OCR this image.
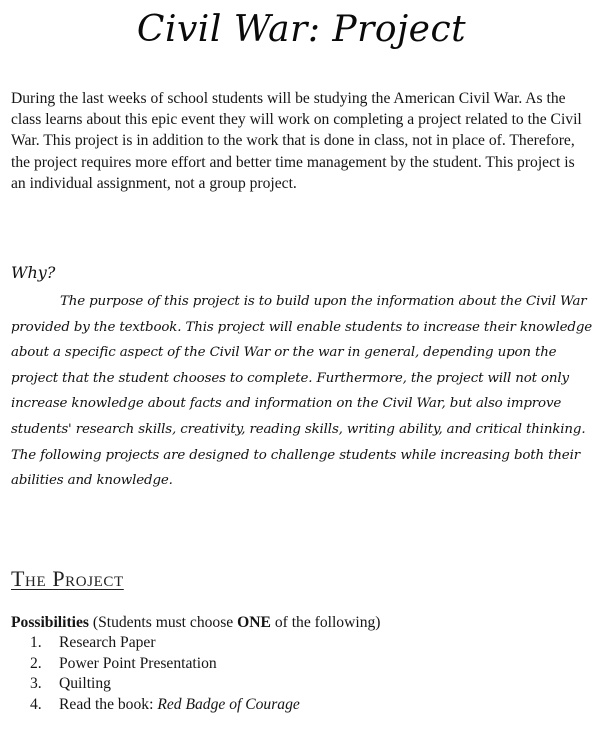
Civil War: Project

During the last weeks of school students will be studying the American Civil War. As the class learns about this epic event they will work on completing a project related to the Civil War. This project is in addition to the work that is done in class, not in place of. Therefore, the project requires more effort and better time management by the student. This project is an individual assignment, not a group project.

Why?

The purpose of this project is to build upon the information about the Civil War provided by the textbook. This project will enable students to increase their knowledge about a specific aspect of the Civil War or the war in general, depending upon the project that the student chooses to complete. Furthermore, the project will not only increase knowledge about facts and information on the Civil War, but also improve students' research skills, creativity, reading skills, writing ability, and critical thinking. The following projects are designed to challenge students while increasing both their abilities and knowledge.

The Project

Possibilities (Students must choose ONE of the following)

1.	Research Paper
2.	Power Point Presentation
3.	Quilting
4.	Read the book: Red Badge of Courage
